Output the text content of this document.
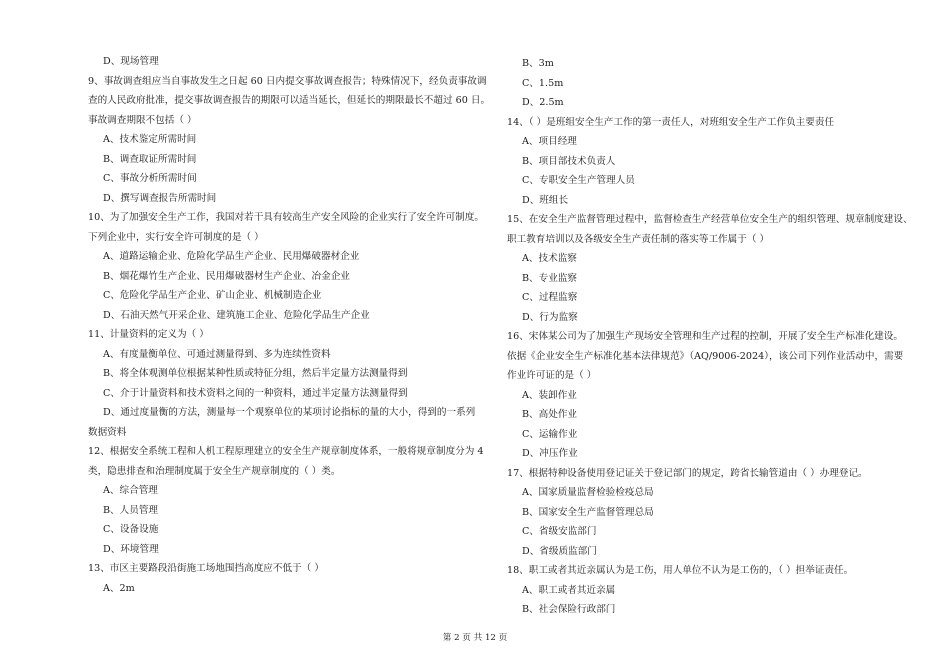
D、现场管理
9、事故调查组应当自事故发生之日起 60 日内提交事故调查报告；特殊情况下，经负责事故调
查的人民政府批准，提交事故调查报告的期限可以适当延长，但延长的期限最长不超过 60 日。
事故调查期限不包括（ ）
A、技术鉴定所需时间
B、调查取证所需时间
C、事故分析所需时间
D、撰写调查报告所需时间
10、为了加强安全生产工作，我国对若干具有较高生产安全风险的企业实行了安全许可制度。
下列企业中，实行安全许可制度的是（ ）
A、道路运输企业、危险化学品生产企业、民用爆破器材企业
B、烟花爆竹生产企业、民用爆破器材生产企业、冶金企业
C、危险化学品生产企业、矿山企业、机械制造企业
D、石油天然气开采企业、建筑施工企业、危险化学品生产企业
11、计量资料的定义为（ ）
A、有度量衡单位、可通过测量得到、多为连续性资料
B、将全体观测单位根据某种性质或特征分组，然后半定量方法测量得到
C、介于计量资料和技术资料之间的一种资料，通过半定量方法测量得到
D、通过度量衡的方法，测量每一个观察单位的某项讨论指标的量的大小，得到的一系列
数据资料
12、根据安全系统工程和人机工程原理建立的安全生产规章制度体系，一般将规章制度分为 4
类，隐患排查和治理制度属于安全生产规章制度的（ ）类。
A、综合管理
B、人员管理
C、设备设施
D、环境管理
13、市区主要路段沿街施工场地围挡高度应不低于（ ）
A、2m
B、3m
C、1.5m
D、2.5m
14、（ ）是班组安全生产工作的第一责任人，对班组安全生产工作负主要责任
A、项目经理
B、项目部技术负责人
C、专职安全生产管理人员
D、班组长
15、在安全生产监督管理过程中，监督检查生产经营单位安全生产的组织管理、规章制度建设、
职工教育培训以及各级安全生产责任制的落实等工作属于（ ）
A、技术监察
B、专业监察
C、过程监察
D、行为监察
16、宋体某公司为了加强生产现场安全管理和生产过程的控制，开展了安全生产标准化建设。
依据《企业安全生产标准化基本法律规范》（AQ/9006-2024），该公司下列作业活动中，需要
作业许可证的是（ ）
A、装卸作业
B、高处作业
C、运输作业
D、冲压作业
17、根据特种设备使用登记证关于登记部门的规定，跨省长输管道由（ ）办理登记。
A、国家质量监督检验检疫总局
B、国家安全生产监督管理总局
C、省级安监部门
D、省级质监部门
18、职工或者其近亲属认为是工伤，用人单位不认为是工伤的，（ ）担举证责任。
A、职工或者其近亲属
B、社会保险行政部门
第 2 页 共 12 页
